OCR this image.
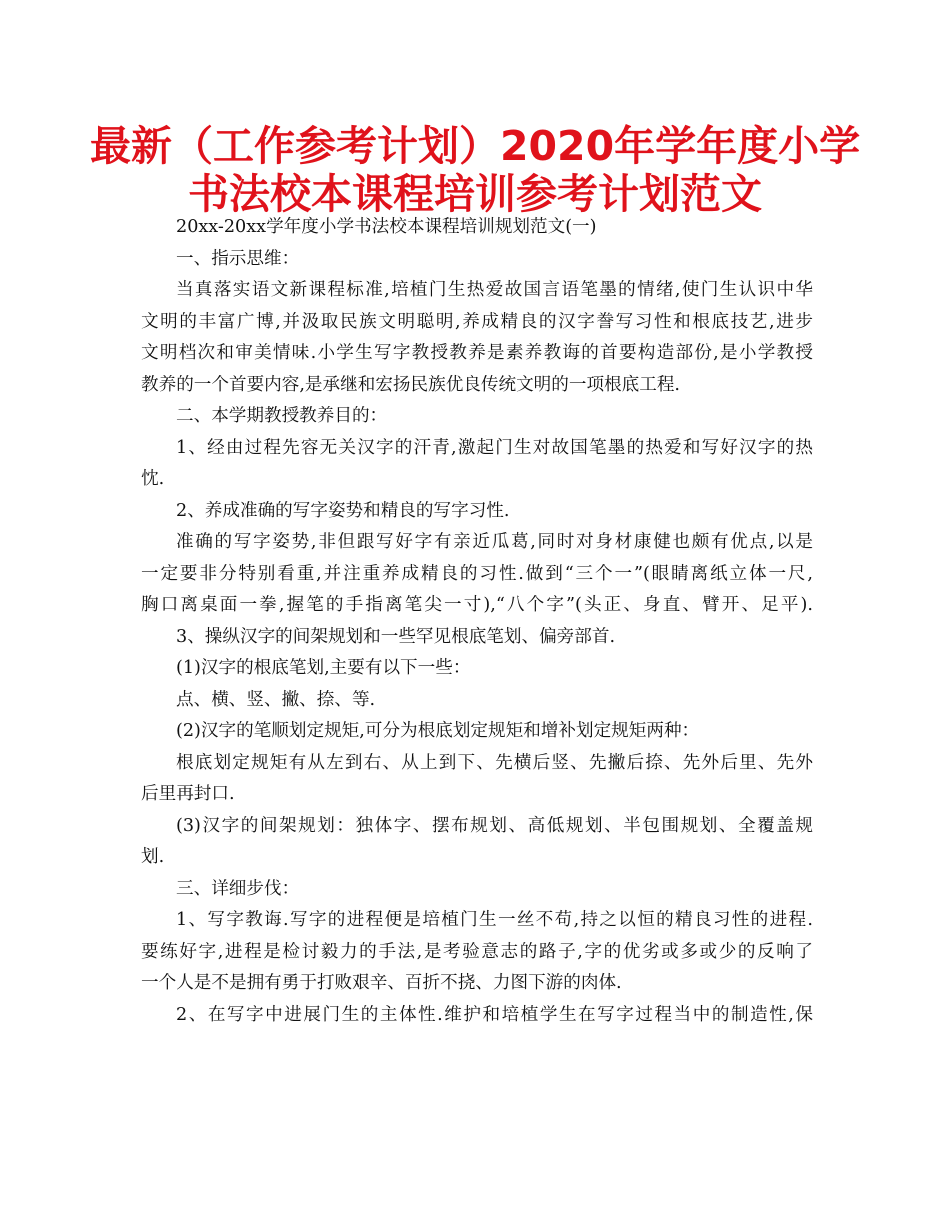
最新（工作参考计划）2020年学年度小学
书法校本课程培训参考计划范文
20xx-20xx学年度小学书法校本课程培训规划范文(一)
一、指示思维：
当真落实语文新课程标准,培植门生热爱故国言语笔墨的情绪,使门生认识中华
文明的丰富广博,并汲取民族文明聪明,养成精良的汉字誊写习性和根底技艺,进步
文明档次和审美情味.小学生写字教授教养是素养教诲的首要构造部份,是小学教授
教养的一个首要内容,是承继和宏扬民族优良传统文明的一项根底工程.
二、本学期教授教养目的：
1、经由过程先容无关汉字的汗青,激起门生对故国笔墨的热爱和写好汉字的热
忱.
2、养成准确的写字姿势和精良的写字习性.
准确的写字姿势,非但跟写好字有亲近瓜葛,同时对身材康健也颇有优点,以是
一定要非分特别看重,并注重养成精良的习性.做到“三个一”(眼睛离纸立体一尺,
胸口离桌面一拳,握笔的手指离笔尖一寸),“八个字”(头正、身直、臂开、足平).
3、操纵汉字的间架规划和一些罕见根底笔划、偏旁部首.
(1)汉字的根底笔划,主要有以下一些：
点、横、竖、撇、捺、等.
(2)汉字的笔顺划定规矩,可分为根底划定规矩和增补划定规矩两种：
根底划定规矩有从左到右、从上到下、先横后竖、先撇后捺、先外后里、先外
后里再封口.
(3)汉字的间架规划：独体字、摆布规划、高低规划、半包围规划、全覆盖规
划.
三、详细步伐：
1、写字教诲.写字的进程便是培植门生一丝不苟,持之以恒的精良习性的进程.
要练好字,进程是检讨毅力的手法,是考验意志的路子,字的优劣或多或少的反响了
一个人是不是拥有勇于打败艰辛、百折不挠、力图下游的肉体.
2、在写字中进展门生的主体性.维护和培植学生在写字过程当中的制造性,保
